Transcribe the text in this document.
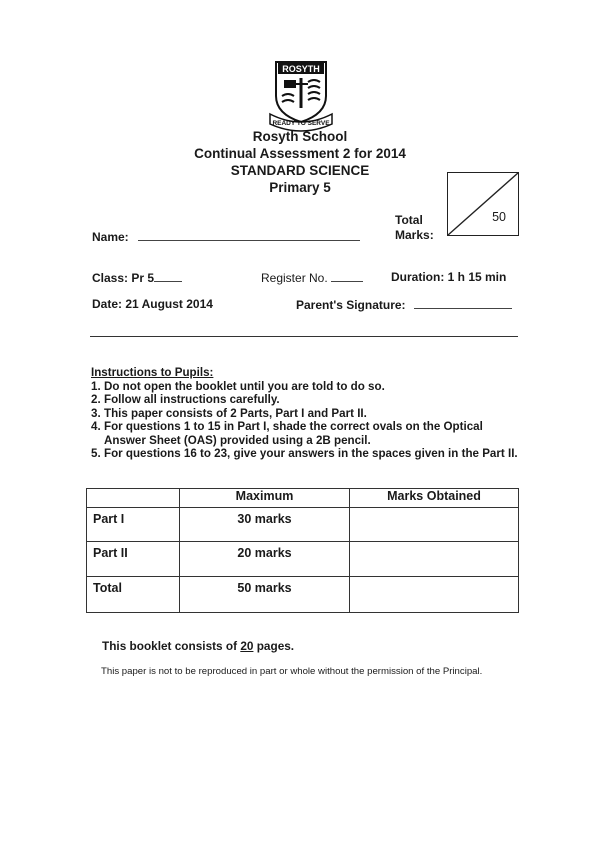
ROSYTH
READY TO SERVE
Rosyth School
Continual Assessment 2 for 2014
STANDARD SCIENCE
Primary 5
Total
Marks:
50
Name:
Class: Pr 5	Register No.	Duration: 1 h 15 min
Date: 21 August 2014	Parent's Signature:
Instructions to Pupils:
1. Do not open the booklet until you are told to do so.
2. Follow all instructions carefully.
3. This paper consists of 2 Parts, Part I and Part II.
4. For questions 1 to 15 in Part I, shade the correct ovals on the Optical Answer Sheet (OAS) provided using a 2B pencil.
5. For questions 16 to 23, give your answers in the spaces given in the Part II.
	Maximum	Marks Obtained
Part I	30 marks	
Part II	20 marks	
Total	50 marks	
This booklet consists of 20 pages.
This paper is not to be reproduced in part or whole without the permission of the Principal.
